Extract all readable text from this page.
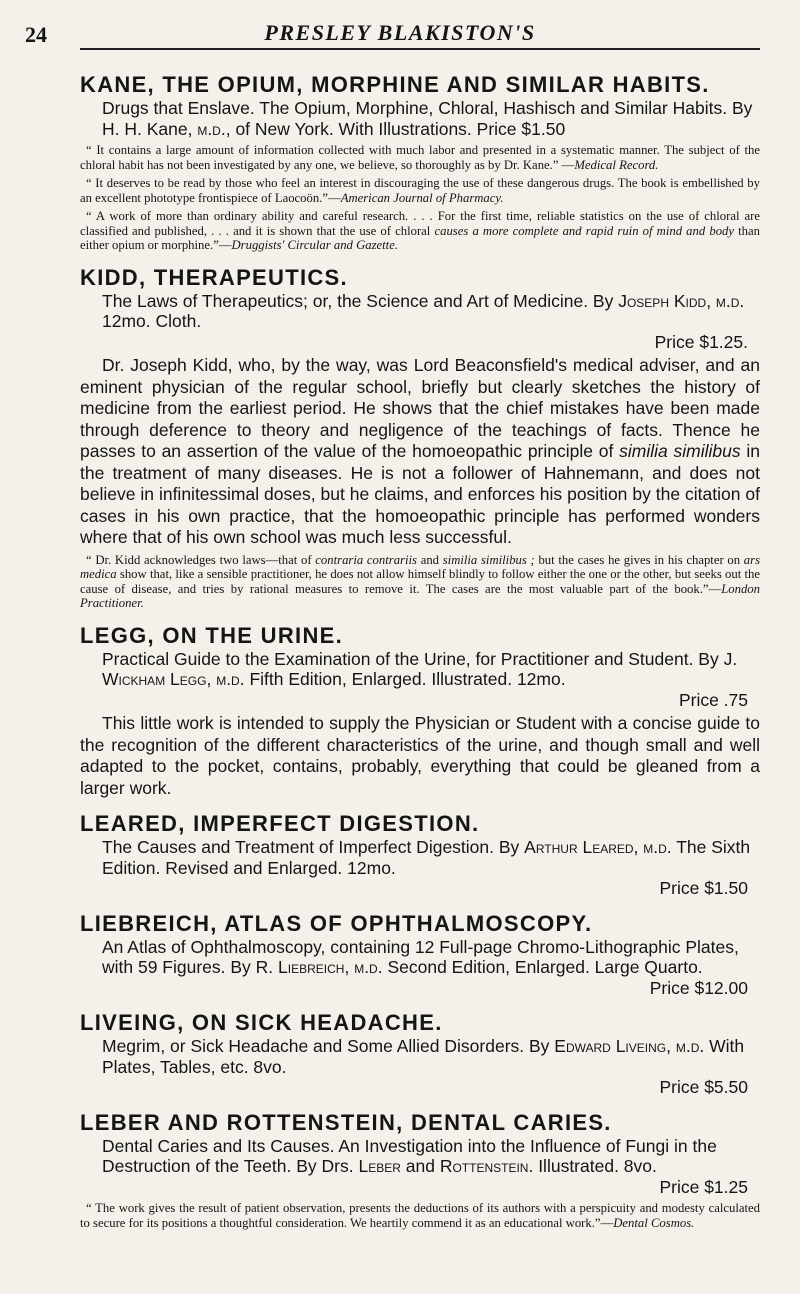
24	PRESLEY BLAKISTON'S
KANE, THE OPIUM, MORPHINE AND SIMILAR HABITS.

Drugs that Enslave. The Opium, Morphine, Chloral, Hashisch and Similar Habits. By H. H. Kane, m.d., of New York. With Illustrations. Price $1.50

“ It contains a large amount of information collected with much labor and presented in a systematic manner. The subject of the chloral habit has not been investigated by any one, we believe, so thoroughly as by Dr. Kane.” —Medical Record.

“ It deserves to be read by those who feel an interest in discouraging the use of these dangerous drugs. The book is embellished by an excellent phototype frontispiece of Laocoön.”—American Journal of Pharmacy.

“ A work of more than ordinary ability and careful research. . . . For the first time, reliable statistics on the use of chloral are classified and published, . . . and it is shown that the use of chloral causes a more complete and rapid ruin of mind and body than either opium or morphine.”—Druggists' Circular and Gazette.

KIDD, THERAPEUTICS.

The Laws of Therapeutics; or, the Science and Art of Medicine. By Joseph Kidd, m.d. 12mo. Cloth.

Price $1.25.

Dr. Joseph Kidd, who, by the way, was Lord Beaconsfield's medical adviser, and an eminent physician of the regular school, briefly but clearly sketches the history of medicine from the earliest period. He shows that the chief mistakes have been made through deference to theory and negligence of the teachings of facts. Thence he passes to an assertion of the value of the homoeopathic principle of similia similibus in the treatment of many diseases. He is not a follower of Hahnemann, and does not believe in infinitessimal doses, but he claims, and enforces his position by the citation of cases in his own practice, that the homoeopathic principle has performed wonders where that of his own school was much less successful.

“ Dr. Kidd acknowledges two laws—that of contraria contrariis and similia similibus ; but the cases he gives in his chapter on ars medica show that, like a sensible practitioner, he does not allow himself blindly to follow either the one or the other, but seeks out the cause of disease, and tries by rational measures to remove it. The cases are the most valuable part of the book.”—London Practitioner.

LEGG, ON THE URINE.

Practical Guide to the Examination of the Urine, for Practitioner and Student. By J. Wickham Legg, m.d. Fifth Edition, Enlarged. Illustrated. 12mo.

Price .75

This little work is intended to supply the Physician or Student with a concise guide to the recognition of the different characteristics of the urine, and though small and well adapted to the pocket, contains, probably, everything that could be gleaned from a larger work.

LEARED, IMPERFECT DIGESTION.

The Causes and Treatment of Imperfect Digestion. By Arthur Leared, m.d. The Sixth Edition. Revised and Enlarged. 12mo.

Price $1.50

LIEBREICH, ATLAS OF OPHTHALMOSCOPY.

An Atlas of Ophthalmoscopy, containing 12 Full-page Chromo-Lithographic Plates, with 59 Figures. By R. Liebreich, m.d. Second Edition, Enlarged. Large Quarto.

Price $12.00

LIVEING, ON SICK HEADACHE.

Megrim, or Sick Headache and Some Allied Disorders. By Edward Liveing, m.d. With Plates, Tables, etc. 8vo.

Price $5.50

LEBER AND ROTTENSTEIN, DENTAL CARIES.

Dental Caries and Its Causes. An Investigation into the Influence of Fungi in the Destruction of the Teeth. By Drs. Leber and Rottenstein. Illustrated. 8vo.

Price $1.25

“ The work gives the result of patient observation, presents the deductions of its authors with a perspicuity and modesty calculated to secure for its positions a thoughtful consideration. We heartily commend it as an educational work.”—Dental Cosmos.
